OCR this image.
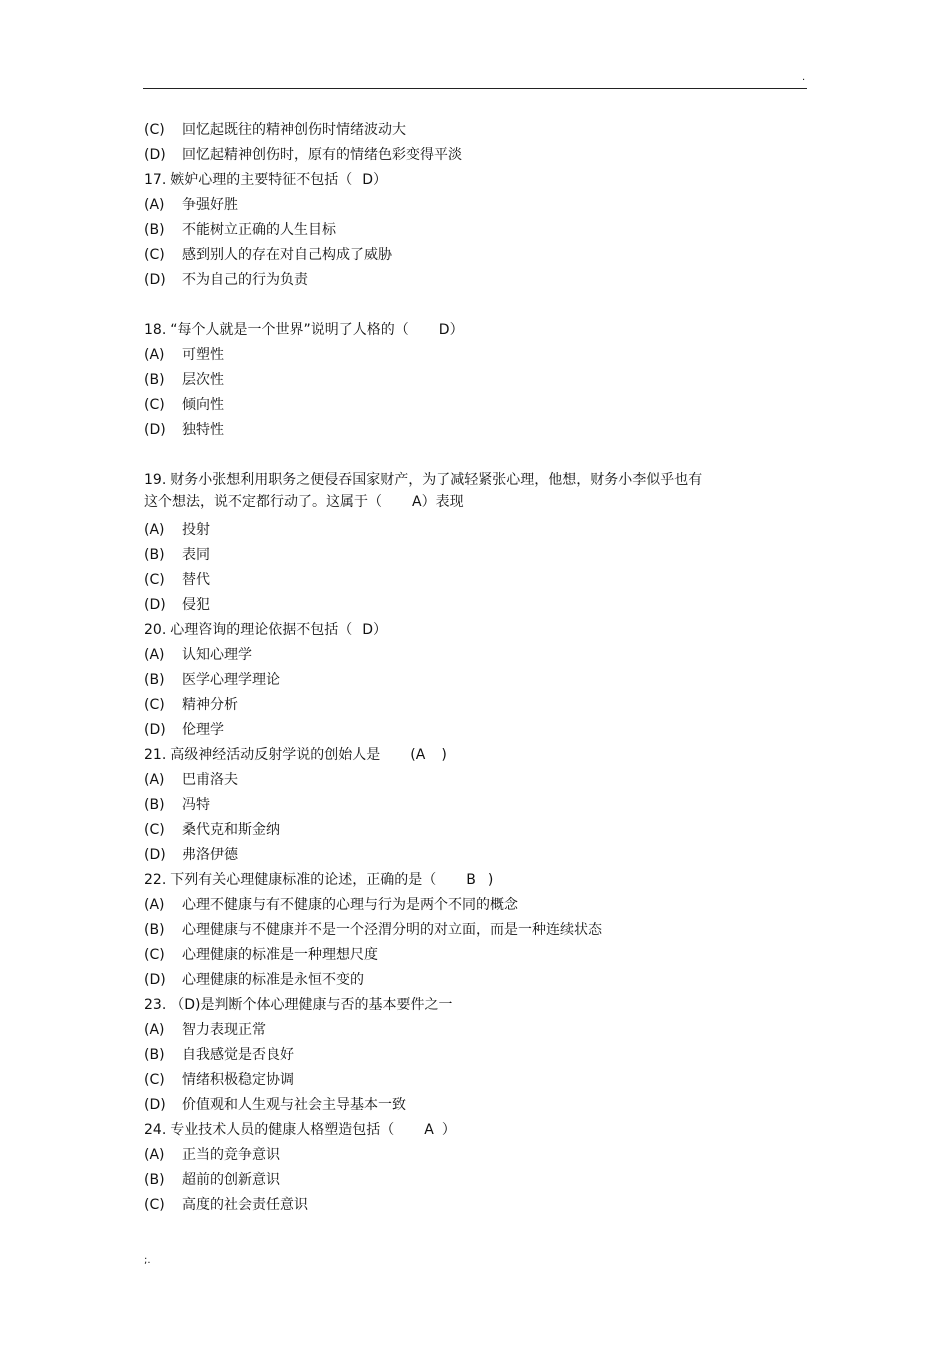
.
(C) 回忆起既往的精神创伤时情绪波动大
(D) 回忆起精神创伤时，原有的情绪色彩变得平淡
17. 嫉妒心理的主要特征不包括（ D）
(A) 争强好胜
(B) 不能树立正确的人生目标
(C) 感到别人的存在对自己构成了威胁
(D) 不为自己的行为负责
18. “每个人就是一个世界”说明了人格的（ D）
(A) 可塑性
(B) 层次性
(C) 倾向性
(D) 独特性
19. 财务小张想利用职务之便侵吞国家财产，为了减轻紧张心理，他想，财务小李似乎也有
这个想法，说不定都行动了。这属于（ A）表现
(A) 投射
(B) 表同
(C) 替代
(D) 侵犯
20. 心理咨询的理论依据不包括（ D）
(A) 认知心理学
(B) 医学心理学理论
(C) 精神分析
(D) 伦理学
21. 高级神经活动反射学说的创始人是 (A )
(A) 巴甫洛夫
(B) 冯特
(C) 桑代克和斯金纳
(D) 弗洛伊德
22. 下列有关心理健康标准的论述，正确的是（ B )
(A) 心理不健康与有不健康的心理与行为是两个不同的概念
(B) 心理健康与不健康并不是一个泾渭分明的对立面，而是一种连续状态
(C) 心理健康的标准是一种理想尺度
(D) 心理健康的标准是永恒不变的
23. （D)是判断个体心理健康与否的基本要件之一
(A) 智力表现正常
(B) 自我感觉是否良好
(C) 情绪积极稳定协调
(D) 价值观和人生观与社会主导基本一致
24. 专业技术人员的健康人格塑造包括（ A ）
(A) 正当的竞争意识
(B) 超前的创新意识
(C) 高度的社会责任意识
;.
